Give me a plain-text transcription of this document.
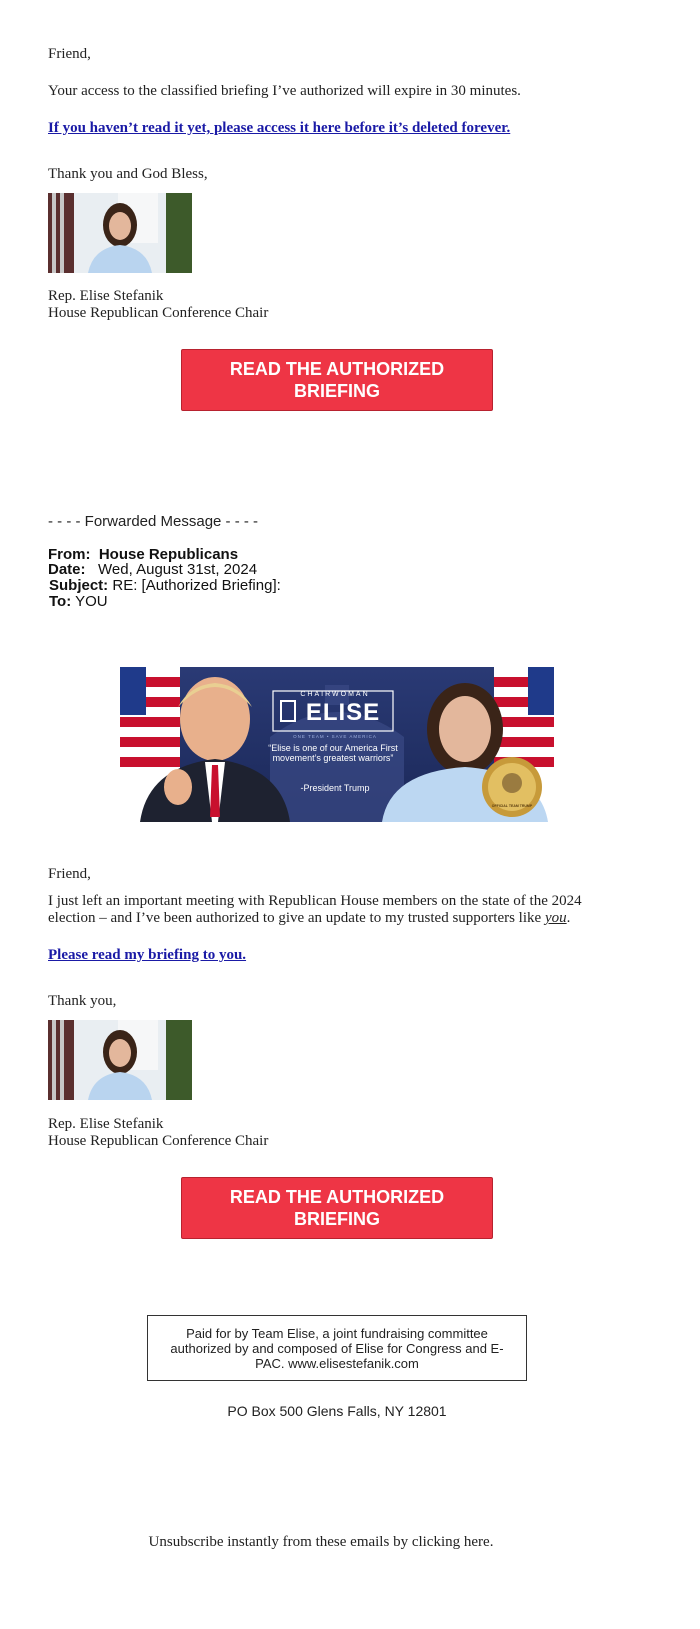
Friend,
Your access to the classified briefing I’ve authorized will expire in 30 minutes.
If you haven’t read it yet, please access it here before it’s deleted forever.
Thank you and God Bless,
Rep. Elise Stefanik
House Republican Conference Chair
READ THE AUTHORIZED BRIEFING
- - - - Forwarded Message - - - -
From: House Republicans
Date: Wed, August 31st, 2024
Subject: RE: [Authorized Briefing]:
To: YOU
CHAIRWOMAN
ELISE
ONE TEAM • SAVE AMERICA
“Elise is one of our America First movement’s greatest warriors”
-President Trump
OFFICIAL TEAM TRUMP
Friend,
I just left an important meeting with Republican House members on the state of the 2024 election – and I’ve been authorized to give an update to my trusted supporters like you.
Please read my briefing to you.
Thank you,
Rep. Elise Stefanik
House Republican Conference Chair
READ THE AUTHORIZED BRIEFING
Paid for by Team Elise, a joint fundraising committee authorized by and composed of Elise for Congress and E-PAC. www.elisestefanik.com
PO Box 500 Glens Falls, NY 12801
Unsubscribe instantly from these emails by clicking here.
